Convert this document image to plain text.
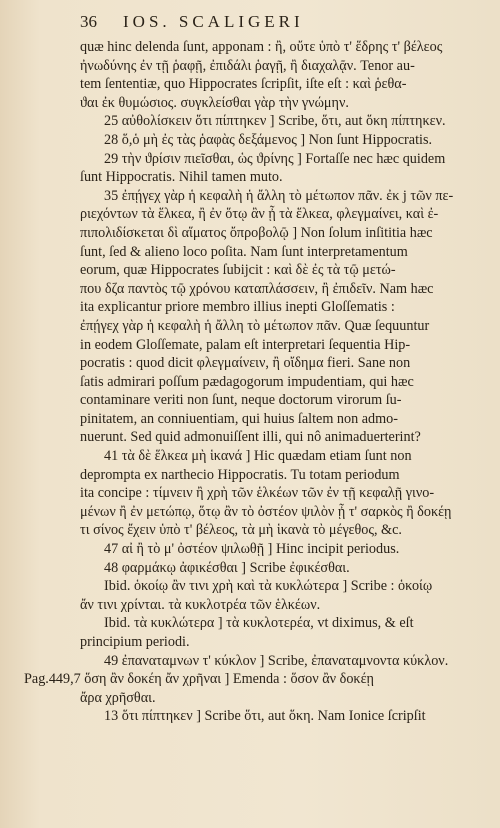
36 IOS. SCALIGERI
quæ hinc delenda ſunt, apponam : ἢ, οὔτε ὑπὸ τ' ἕδρης τ' βέλεος
ἠνωδύνης ἐν τῇ ῥαφῇ, ἐπιδάλι ῥαγῇ, ἢ διαχαλᾷν. Tenor au-
tem ſententiæ, quo Hippocrates ſcripſit, iſte eſt : καὶ ῥεθα-
ϑαι ἐκ θυμώσιος. συγκλείσθαι γὰρ τὴν γνώμην.
25 αὐθολίσκειν ὅτι πίπτηκεν ] Scribe, ὅτι, aut ὅκη πίπτηκεν.
28 ὅ,ὁ μὴ ἐς τὰς ῥαφὰς δεξάμενος ] Non ſunt Hippocratis.
29 τὴν ϑρίσιν πιεῖσθαι, ὡς ϑρίνης ] Fortaſſe nec hæc quidem
ſunt Hippocratis. Nihil tamen muto.
35 ἐπῄγεχ γὰρ ἡ κεφαλὴ ἡ ἄλλη τὸ μέτωπον πᾶν. ἐκ ϳ τῶν πε-
ριεχόντων τὰ ἕλκεα, ἢ ἐν ὅτῳ ἂν ᾖ τὰ ἕλκεα, φλεγμαίνει, καὶ ἐ-
πιπολιδίσκεται δὶ αἵματος ὄπροβολῷ ] Non ſolum inſititia hæc
ſunt, ſed & alieno loco poſita. Nam ſunt interpretamentum
eorum, quæ Hippocrates ſubijcit : καὶ δὲ ἐς τὰ τῷ μετώ-
που δζα παντὸς τῷ χρόνου καταπλάσσειν, ἢ ἐπιδεῖν. Nam hæc
ita explicantur priore membro illius inepti Gloſſematis :
ἐπῄγεχ γὰρ ἡ κεφαλὴ ἡ ἄλλη τὸ μέτωπον πᾶν. Quæ ſequuntur
in eodem Gloſſemate, palam eſt interpretari ſequentia Hip-
pocratis : quod dicit φλεγμαίνειν, ἢ οἴδημα fieri. Sane non
ſatis admirari poſſum pædagogorum impudentiam, qui hæc
contaminare veriti non ſunt, neque doctorum virorum ſu-
pinitatem, an conniuentiam, qui huius ſaltem non admo-
nuerunt. Sed quid admonuiſſent illi, qui nô animaduerterint?
41 τὰ δὲ ἕλκεα μὴ ἱκανά ] Hic quædam etiam ſunt non
deprompta ex narthecio Hippocratis. Tu totam periodum
ita concipe : τίμνειν ἢ χρὴ τῶν ἑλκέων τῶν ἐν τῇ κεφαλῇ γινο-
μένων ἢ ἐν μετώπῳ, ὅτῳ ἂν τὸ ὀστέον ψιλὸν ᾖ τ' σαρκὸς ἢ δοκέῃ
τι σίνος ἔχειν ὑπὸ τ' βέλεος, τὰ μὴ ἱκανὰ τὸ μέγεθος, &c.
47 αἰ ἢ τὸ μ' ὀστέον ψιλωθῇ ] Hinc incipit periodus.
48 φαρμάκῳ ἀφικέσθαι ] Scribe ἐφικέσθαι.
Ibid. ὁκοίῳ ἂν τινι χρὴ καὶ τὰ κυκλώτερα ] Scribe : ὁκοίῳ
ἄν τινι χρίνται. τὰ κυκλοτρέα τῶν ἑλκέων.
Ibid. τὰ κυκλώτερα ] τὰ κυκλοτερέα, vt diximus, & eſt
principium periodi.
49 ἐπαναταμνων τ' κύκλον ] Scribe, ἐπαναταμνοντα κύκλον.
Pag.449,7 ὅση ἂν δοκέη ἄν χρῆναι ] Emenda : ὅσον ἂν δοκέῃ
ἄρα χρῆσθαι.
13 ὅτι πίπτηκεν ] Scribe ὅτι, aut ὅκη. Nam Ionice ſcripſit
